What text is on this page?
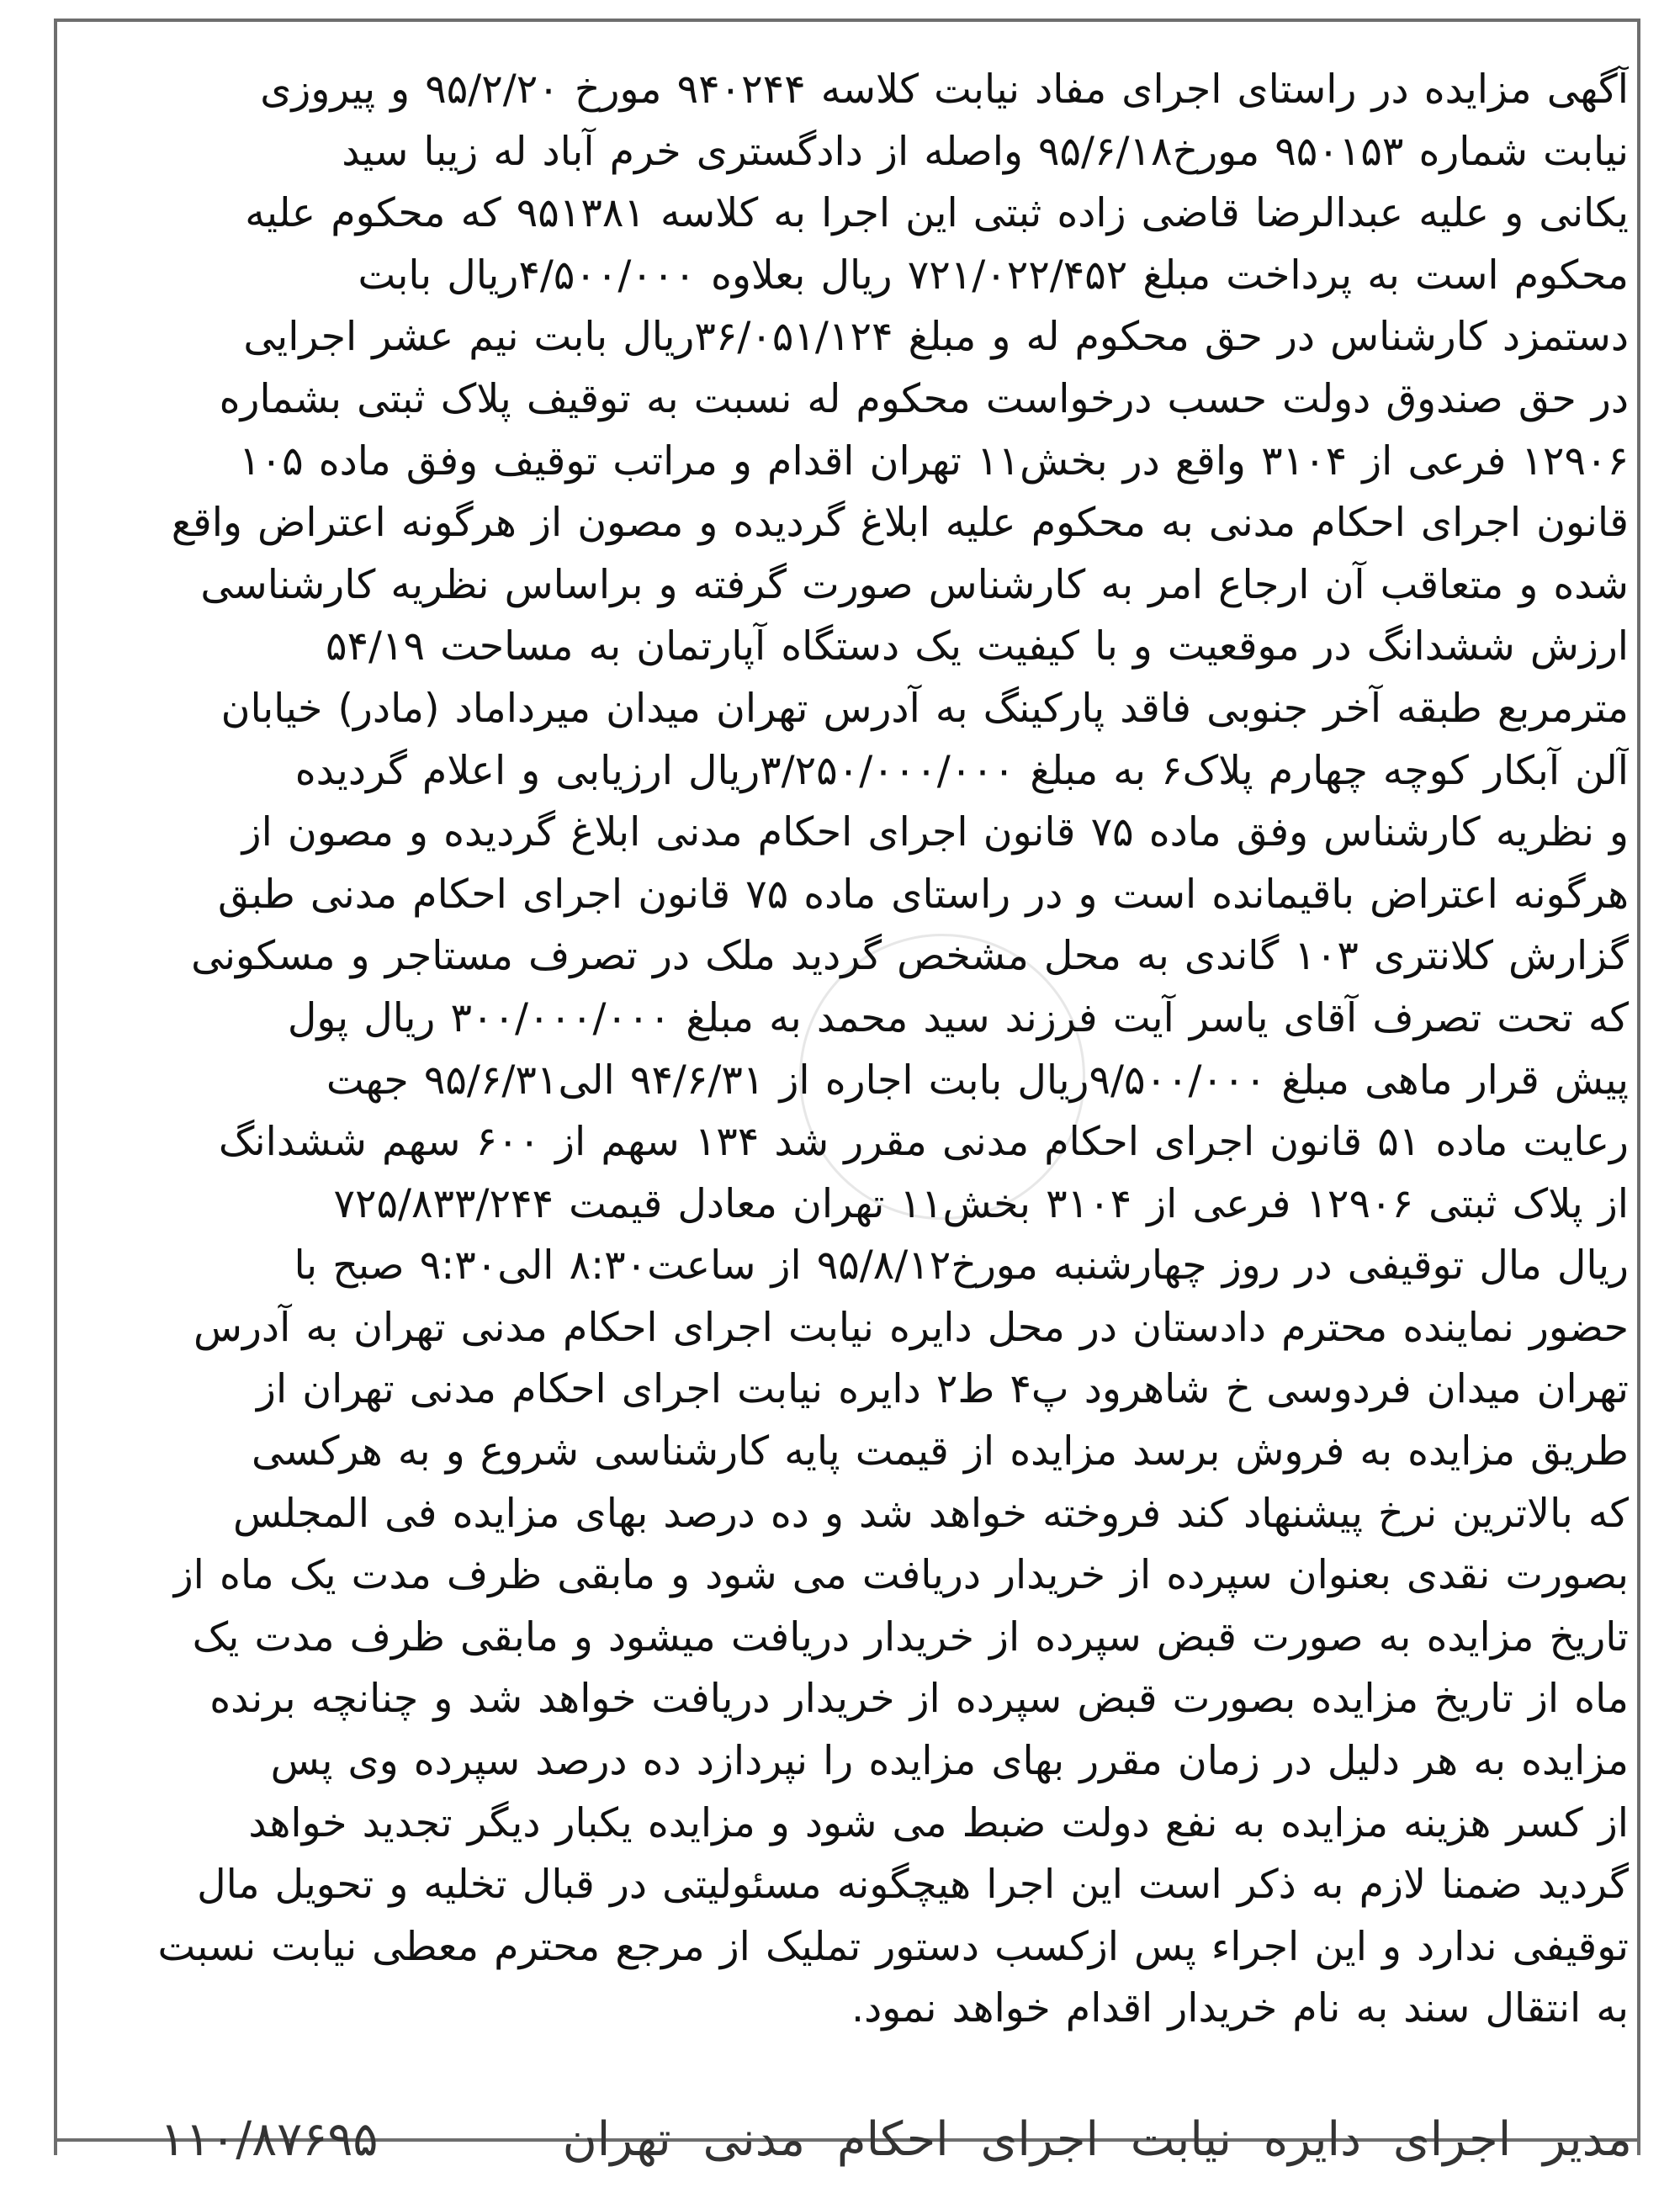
آگهی مزایده در راستای اجرای مفاد نیابت کلاسه ۹۴۰۲۴۴ مورخ ۹۵/۲/۲۰ و پیروزی
نیابت شماره ۹۵۰۱۵۳ مورخ۹۵/۶/۱۸ واصله از دادگستری خرم آباد له زیبا سید
یکانی و علیه عبدالرضا قاضی زاده ثبتی این اجرا به کلاسه ۹۵۱۳۸۱ که محکوم علیه
محکوم است به پرداخت مبلغ ۷۲۱/۰۲۲/۴۵۲ ریال بعلاوه ۴/۵۰۰/۰۰۰ریال بابت
دستمزد کارشناس در حق محکوم له و مبلغ ۳۶/۰۵۱/۱۲۴ریال بابت نیم عشر اجرایی
در حق صندوق دولت حسب درخواست محکوم له نسبت به توقیف پلاک ثبتی بشماره
۱۲۹۰۶ فرعی از ۳۱۰۴ واقع در بخش۱۱ تهران اقدام و مراتب توقیف وفق ماده ۱۰۵
قانون اجرای احکام مدنی به محکوم علیه ابلاغ گردیده و مصون از هرگونه اعتراض واقع
شده و متعاقب آن ارجاع امر به کارشناس صورت گرفته و براساس نظریه کارشناسی
ارزش ششدانگ در موقعیت و با کیفیت یک دستگاه آپارتمان به مساحت ۵۴/۱۹
مترمربع طبقه آخر جنوبی فاقد پارکینگ به آدرس تهران میدان میرداماد (مادر) خیابان
آلن آبکار کوچه چهارم پلاک۶ به مبلغ ۳/۲۵۰/۰۰۰/۰۰۰ریال ارزیابی و اعلام گردیده
و نظریه کارشناس وفق ماده ۷۵ قانون اجرای احکام مدنی ابلاغ گردیده و مصون از
هرگونه اعتراض باقیمانده است و در راستای ماده ۷۵ قانون اجرای احکام مدنی طبق
گزارش کلانتری ۱۰۳ گاندی به محل مشخص گردید ملک در تصرف مستاجر و مسکونی
که تحت تصرف آقای یاسر آیت فرزند سید محمد به مبلغ ۳۰۰/۰۰۰/۰۰۰ ریال پول
پیش قرار ماهی مبلغ ۹/۵۰۰/۰۰۰ریال بابت اجاره از ۹۴/۶/۳۱ الی۹۵/۶/۳۱ جهت
رعایت ماده ۵۱ قانون اجرای احکام مدنی مقرر شد ۱۳۴ سهم از ۶۰۰ سهم ششدانگ
از پلاک ثبتی ۱۲۹۰۶ فرعی از ۳۱۰۴ بخش۱۱ تهران معادل قیمت ۷۲۵/۸۳۳/۲۴۴
ریال مال توقیفی در روز چهارشنبه مورخ۹۵/۸/۱۲ از ساعت۸:۳۰ الی۹:۳۰ صبح با
حضور نماینده محترم دادستان در محل دایره نیابت اجرای احکام مدنی تهران به آدرس
تهران میدان فردوسی خ شاهرود پ۴ ط۲ دایره نیابت اجرای احکام مدنی تهران از
طریق مزایده به فروش برسد مزایده از قیمت پایه کارشناسی شروع و به هرکسی
که بالاترین نرخ پیشنهاد کند فروخته خواهد شد و ده درصد بهای مزایده فی المجلس
بصورت نقدی بعنوان سپرده از خریدار دریافت می شود و مابقی ظرف مدت یک ماه از
تاریخ مزایده به صورت قبض سپرده از خریدار دریافت میشود و مابقی ظرف مدت یک
ماه از تاریخ مزایده بصورت قبض سپرده از خریدار دریافت خواهد شد و چنانچه برنده
مزایده به هر دلیل در زمان مقرر بهای مزایده را نپردازد ده درصد سپرده وی پس
از کسر هزینه مزایده به نفع دولت ضبط می شود و مزایده یکبار دیگر تجدید خواهد
گردید ضمنا لازم به ذکر است این اجرا هیچگونه مسئولیتی در قبال تخلیه و تحویل مال
توقیفی ندارد و این اجراء پس ازکسب دستور تملیک از مرجع محترم معطی نیابت نسبت
به انتقال سند به نام خریدار اقدام خواهد نمود.
مدیر اجرای دایره نیابت اجرای احکام مدنی تهران
۱۱۰/۸۷۶۹۵
